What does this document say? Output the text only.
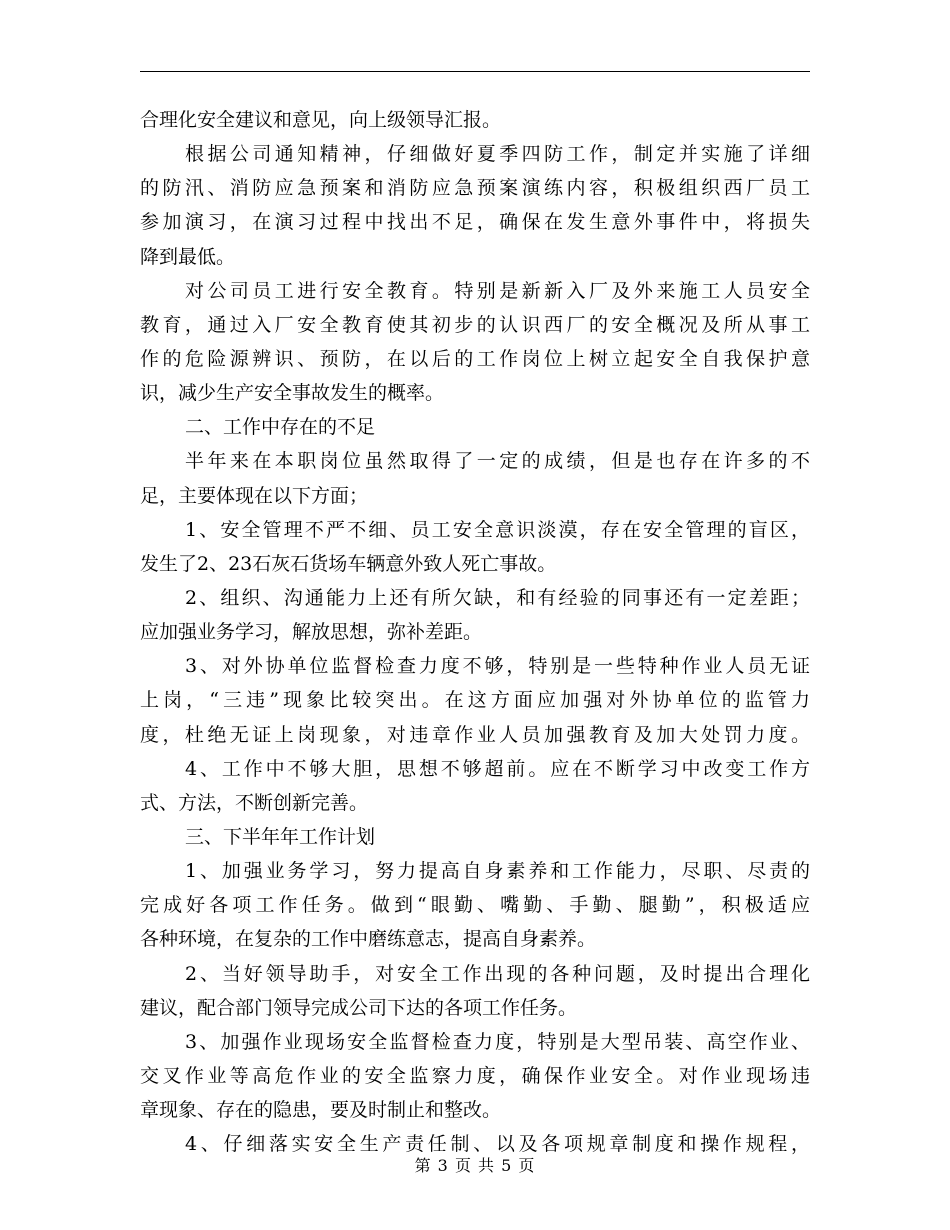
合理化安全建议和意见，向上级领导汇报。
根据公司通知精神，仔细做好夏季四防工作，制定并实施了详细
的防汛、消防应急预案和消防应急预案演练内容，积极组织西厂员工
参加演习，在演习过程中找出不足，确保在发生意外事件中，将损失
降到最低。
对公司员工进行安全教育。特别是新新入厂及外来施工人员安全
教育，通过入厂安全教育使其初步的认识西厂的安全概况及所从事工
作的危险源辨识、预防，在以后的工作岗位上树立起安全自我保护意
识，减少生产安全事故发生的概率。
二、工作中存在的不足
半年来在本职岗位虽然取得了一定的成绩，但是也存在许多的不
足，主要体现在以下方面；
1、安全管理不严不细、员工安全意识淡漠，存在安全管理的盲区，
发生了2、23石灰石货场车辆意外致人死亡事故。
2、组织、沟通能力上还有所欠缺，和有经验的同事还有一定差距；
应加强业务学习，解放思想，弥补差距。
3、对外协单位监督检查力度不够，特别是一些特种作业人员无证
上岗，“三违”现象比较突出。在这方面应加强对外协单位的监管力
度，杜绝无证上岗现象，对违章作业人员加强教育及加大处罚力度。
4、工作中不够大胆，思想不够超前。应在不断学习中改变工作方
式、方法，不断创新完善。
三、下半年年工作计划
1、加强业务学习，努力提高自身素养和工作能力，尽职、尽责的
完成好各项工作任务。做到“眼勤、嘴勤、手勤、腿勤”，积极适应
各种环境，在复杂的工作中磨练意志，提高自身素养。
2、当好领导助手，对安全工作出现的各种问题，及时提出合理化
建议，配合部门领导完成公司下达的各项工作任务。
3、加强作业现场安全监督检查力度，特别是大型吊装、高空作业、
交叉作业等高危作业的安全监察力度，确保作业安全。对作业现场违
章现象、存在的隐患，要及时制止和整改。
4、仔细落实安全生产责任制、以及各项规章制度和操作规程，
第 3 页 共 5 页
